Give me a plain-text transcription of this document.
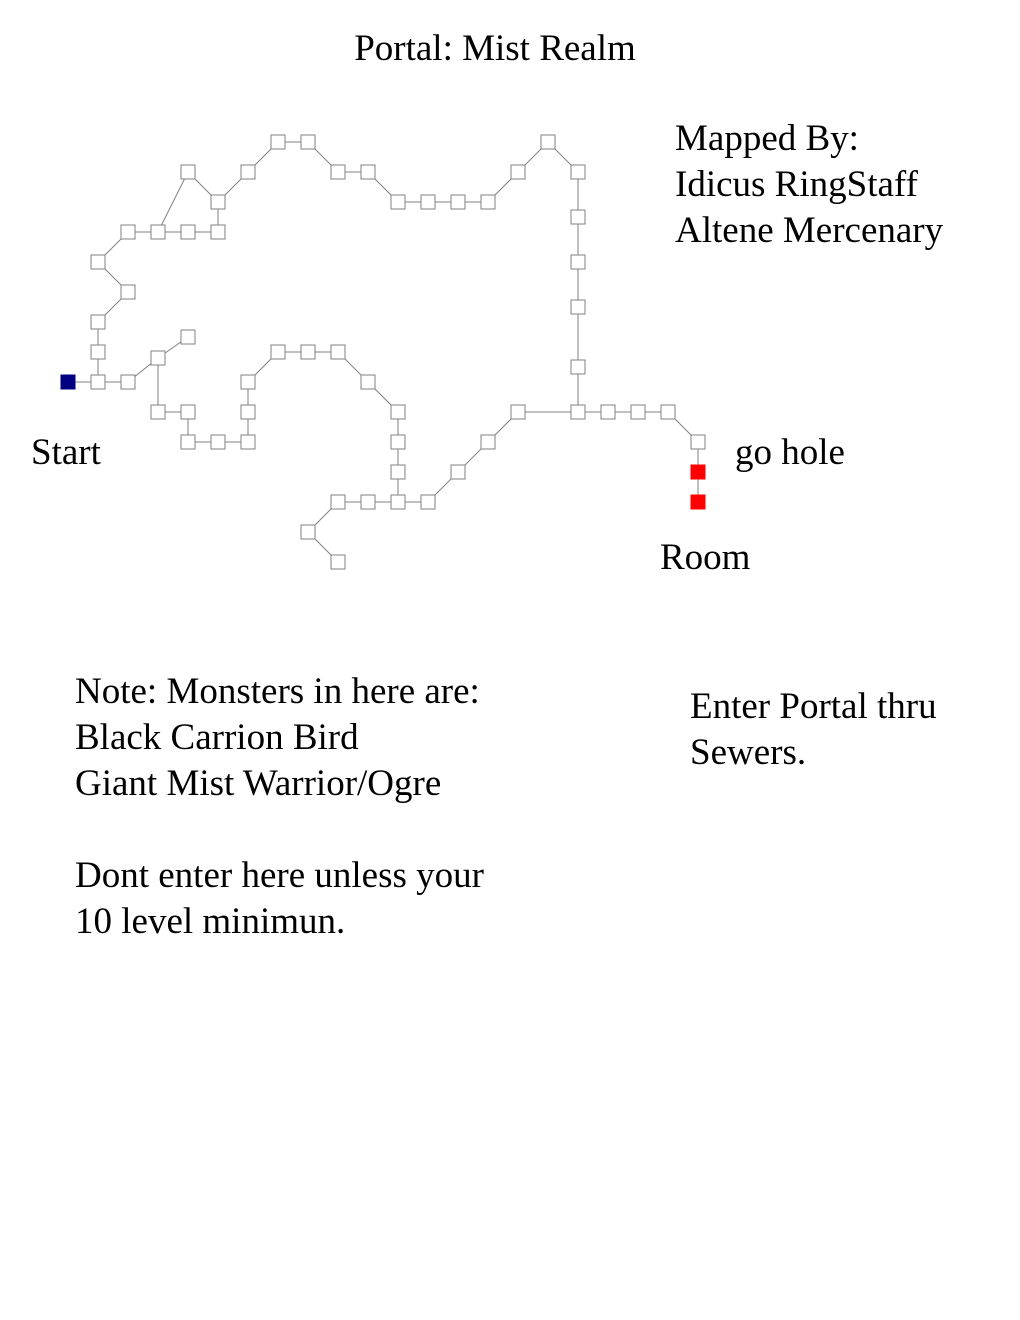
Portal: Mist Realm
Mapped By:
Idicus RingStaff
Altene Mercenary
Start	go hole
Room
Note: Monsters in here are:
Black Carrion Bird
Giant Mist Warrior/Ogre
Dont enter here unless your
10 level minimun.
Enter Portal thru
Sewers.
